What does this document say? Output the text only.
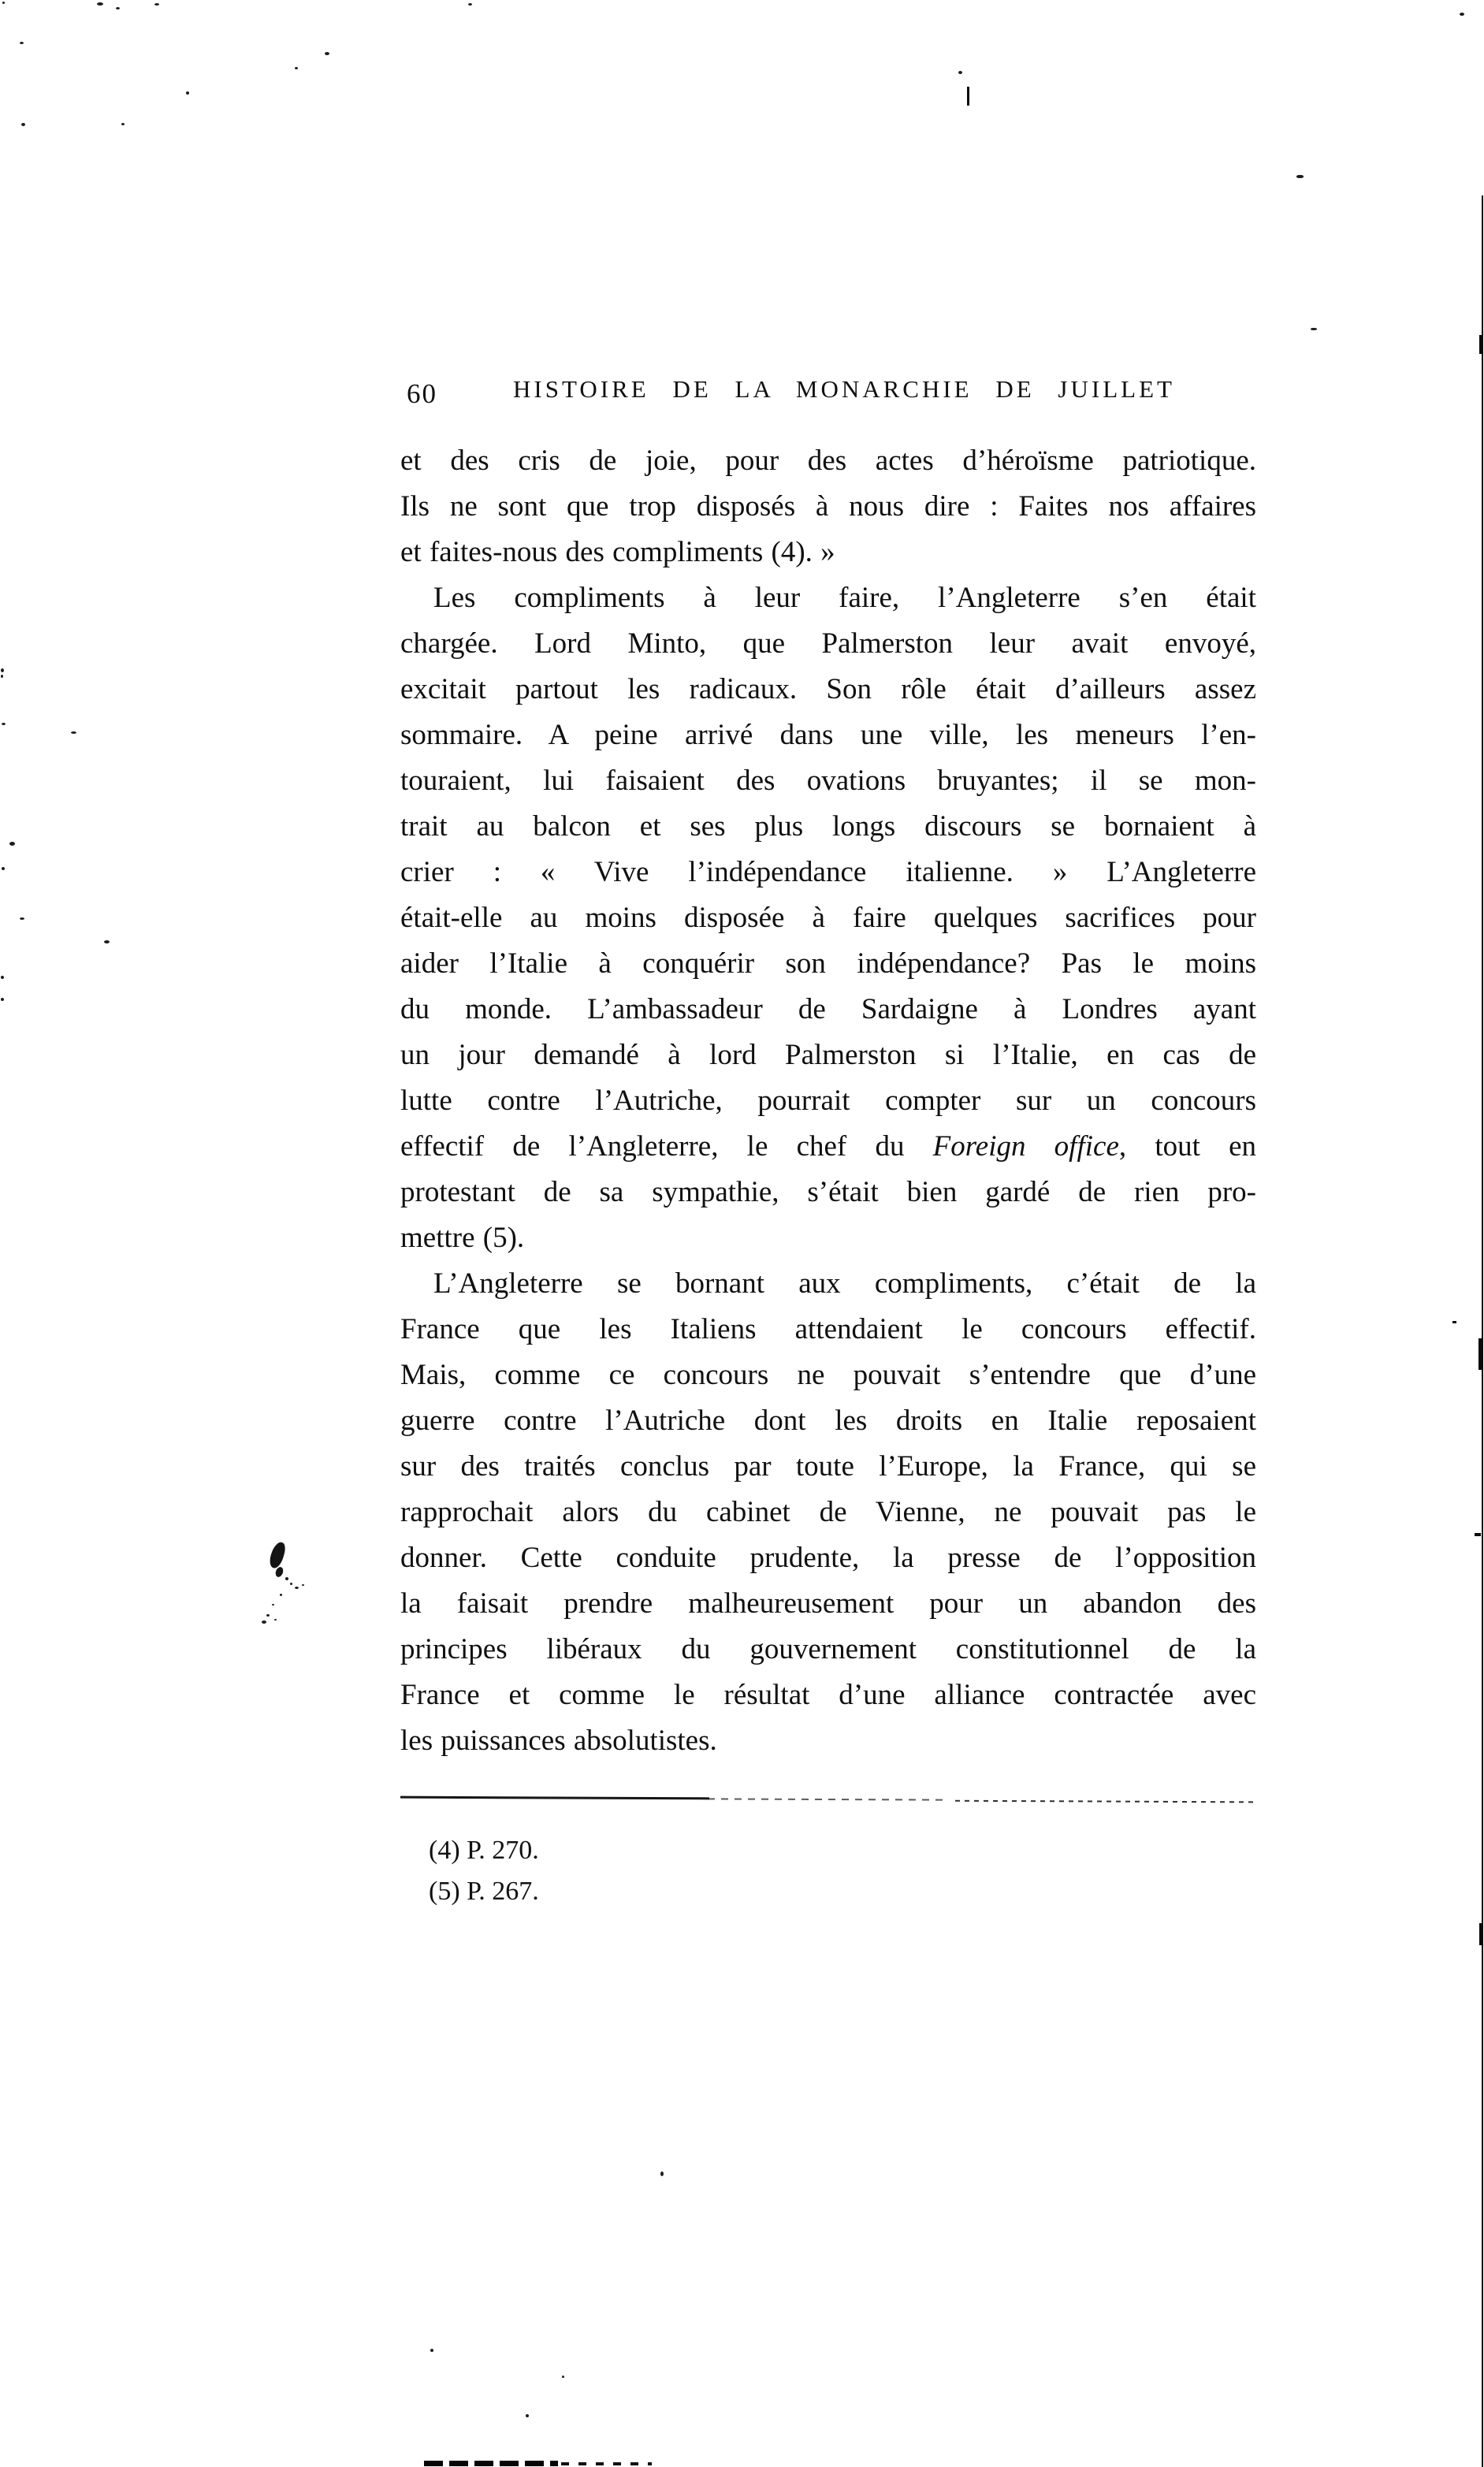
60	HISTOIRE DE LA MONARCHIE DE JUILLET
et des cris de joie, pour des actes d’héroïsme patriotique.
Ils ne sont que trop disposés à nous dire : Faites nos affaires
et faites-nous des compliments (4). »
Les compliments à leur faire, l’Angleterre s’en était
chargée. Lord Minto, que Palmerston leur avait envoyé,
excitait partout les radicaux. Son rôle était d’ailleurs assez
sommaire. A peine arrivé dans une ville, les meneurs l’en-
touraient, lui faisaient des ovations bruyantes; il se mon-
trait au balcon et ses plus longs discours se bornaient à
crier : « Vive l’indépendance italienne. » L’Angleterre
était-elle au moins disposée à faire quelques sacrifices pour
aider l’Italie à conquérir son indépendance? Pas le moins
du monde. L’ambassadeur de Sardaigne à Londres ayant
un jour demandé à lord Palmerston si l’Italie, en cas de
lutte contre l’Autriche, pourrait compter sur un concours
effectif de l’Angleterre, le chef du Foreign office, tout en
protestant de sa sympathie, s’était bien gardé de rien pro-
mettre (5).
L’Angleterre se bornant aux compliments, c’était de la
France que les Italiens attendaient le concours effectif.
Mais, comme ce concours ne pouvait s’entendre que d’une
guerre contre l’Autriche dont les droits en Italie reposaient
sur des traités conclus par toute l’Europe, la France, qui se
rapprochait alors du cabinet de Vienne, ne pouvait pas le
donner. Cette conduite prudente, la presse de l’opposition
la faisait prendre malheureusement pour un abandon des
principes libéraux du gouvernement constitutionnel de la
France et comme le résultat d’une alliance contractée avec
les puissances absolutistes.
(4) P. 270.
(5) P. 267.
